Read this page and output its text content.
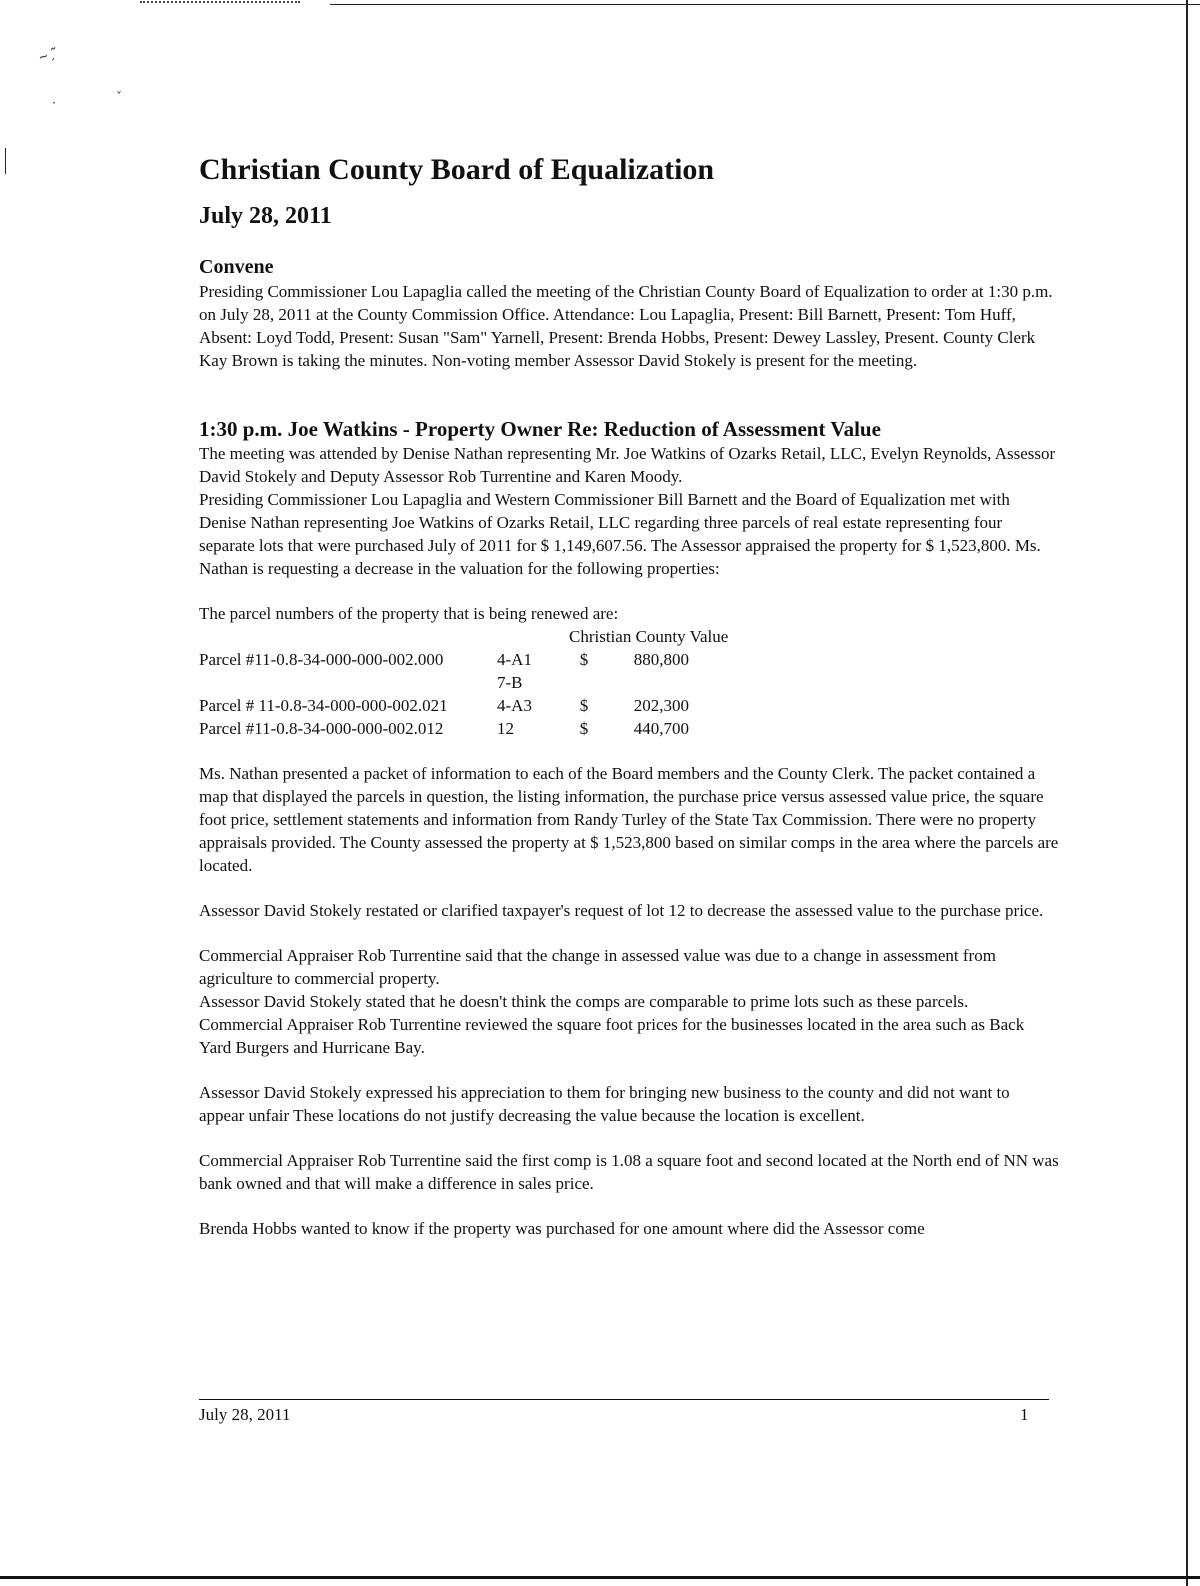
~ˏ ᷉
·	ˇ
Christian County Board of Equalization
July 28, 2011
Convene

Presiding Commissioner Lou Lapaglia called the meeting of the Christian County Board of Equalization to order at 1:30 p.m. on July 28, 2011 at the County Commission Office. Attendance: Lou Lapaglia, Present: Bill Barnett, Present: Tom Huff, Absent: Loyd Todd, Present: Susan "Sam" Yarnell, Present: Brenda Hobbs, Present: Dewey Lassley, Present. County Clerk Kay Brown is taking the minutes. Non-voting member Assessor David Stokely is present for the meeting.

1:30 p.m. Joe Watkins - Property Owner Re: Reduction of Assessment Value

The meeting was attended by Denise Nathan representing Mr. Joe Watkins of Ozarks Retail, LLC, Evelyn Reynolds, Assessor David Stokely and Deputy Assessor Rob Turrentine and Karen Moody.

Presiding Commissioner Lou Lapaglia and Western Commissioner Bill Barnett and the Board of Equalization met with Denise Nathan representing Joe Watkins of Ozarks Retail, LLC regarding three parcels of real estate representing four separate lots that were purchased July of 2011 for $ 1,149,607.56. The Assessor appraised the property for $ 1,523,800. Ms. Nathan is requesting a decrease in the valuation for the following properties:

The parcel numbers of the property that is being renewed are:
Christian County Value
Parcel #11-0.8-34-000-000-002.000	4-A1	$	880,800
7-B
Parcel # 11-0.8-34-000-000-002.021	4-A3	$	202,300
Parcel #11-0.8-34-000-000-002.012	12	$	440,700

Ms. Nathan presented a packet of information to each of the Board members and the County Clerk. The packet contained a map that displayed the parcels in question, the listing information, the purchase price versus assessed value price, the square foot price, settlement statements and information from Randy Turley of the State Tax Commission. There were no property appraisals provided. The County assessed the property at $ 1,523,800 based on similar comps in the area where the parcels are located.

Assessor David Stokely restated or clarified taxpayer's request of lot 12 to decrease the assessed value to the purchase price.

Commercial Appraiser Rob Turrentine said that the change in assessed value was due to a change in assessment from agriculture to commercial property.

Assessor David Stokely stated that he doesn't think the comps are comparable to prime lots such as these parcels.

Commercial Appraiser Rob Turrentine reviewed the square foot prices for the businesses located in the area such as Back Yard Burgers and Hurricane Bay.

Assessor David Stokely expressed his appreciation to them for bringing new business to the county and did not want to appear unfair These locations do not justify decreasing the value because the location is excellent.

Commercial Appraiser Rob Turrentine said the first comp is 1.08 a square foot and second located at the North end of NN was bank owned and that will make a difference in sales price.

Brenda Hobbs wanted to know if the property was purchased for one amount where did the Assessor come

July 28, 2011	1
